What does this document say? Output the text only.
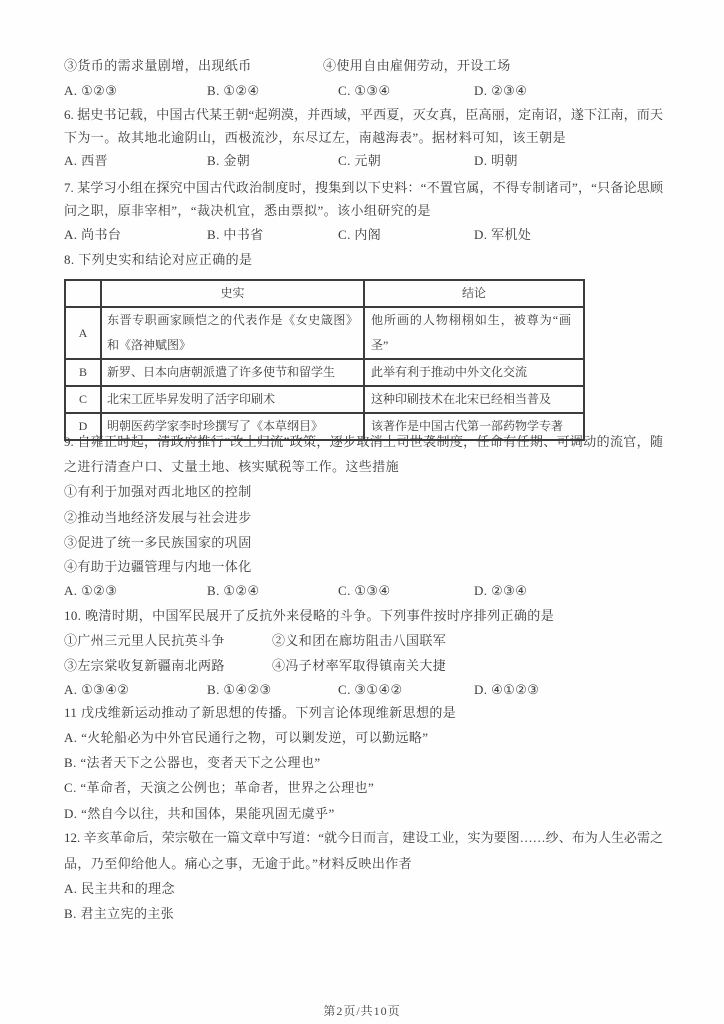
③货币的需求量剧增，出现纸币	④使用自由雇佣劳动，开设工场
A. ①②③	B. ①②④	C. ①③④	D. ②③④
6. 据史书记载，中国古代某王朝“起朔漠，并西域，平西夏，灭女真，臣高丽，定南诏，遂下江南，而天
下为一。故其地北逾阴山，西极流沙，东尽辽左，南越海表”。据材料可知，该王朝是
A. 西晋	B. 金朝	C. 元朝	D. 明朝
7. 某学习小组在探究中国古代政治制度时，搜集到以下史料：“不置官属，不得专制诸司”，“只备论思顾
问之职，原非宰相”，“裁决机宜，悉由票拟”。该小组研究的是
A. 尚书台	B. 中书省	C. 内阁	D. 军机处
8. 下列史实和结论对应正确的是
	史实	结论
A	东晋专职画家顾恺之的代表作是《女史箴图》和《洛神赋图》	他所画的人物栩栩如生，被尊为“画圣”
B	新罗、日本向唐朝派遣了许多使节和留学生	此举有利于推动中外文化交流
C	北宋工匠毕昇发明了活字印刷术	这种印刷技术在北宋已经相当普及
D	明朝医药学家李时珍撰写了《本草纲目》	该著作是中国古代第一部药物学专著
9. 自雍正时起，清政府推行“改土归流”政策，逐步取消土司世袭制度，任命有任期、可调动的流官，随
之进行清查户口、丈量土地、核实赋税等工作。这些措施
①有利于加强对西北地区的控制
②推动当地经济发展与社会进步
③促进了统一多民族国家的巩固
④有助于边疆管理与内地一体化
A. ①②③	B. ①②④	C. ①③④	D. ②③④
10. 晚清时期，中国军民展开了反抗外来侵略的斗争。下列事件按时序排列正确的是
①广州三元里人民抗英斗争	②义和团在廊坊阻击八国联军
③左宗棠收复新疆南北两路	④冯子材率军取得镇南关大捷
A. ①③④②	B. ①④②③	C. ③①④②	D. ④①②③
11 戊戌维新运动推动了新思想的传播。下列言论体现维新思想的是
A. “火轮船必为中外官民通行之物，可以剿发逆，可以勤远略”
B. “法者天下之公器也，变者天下之公理也”
C. “革命者，天演之公例也；革命者，世界之公理也”
D. “然自今以往，共和国体，果能巩固无虞乎”
12. 辛亥革命后，荣宗敬在一篇文章中写道：“就今日而言，建设工业，实为要图……纱、布为人生必需之
品，乃至仰给他人。痛心之事，无逾于此。”材料反映出作者
A. 民主共和的理念
B. 君主立宪的主张
第2页/共10页
